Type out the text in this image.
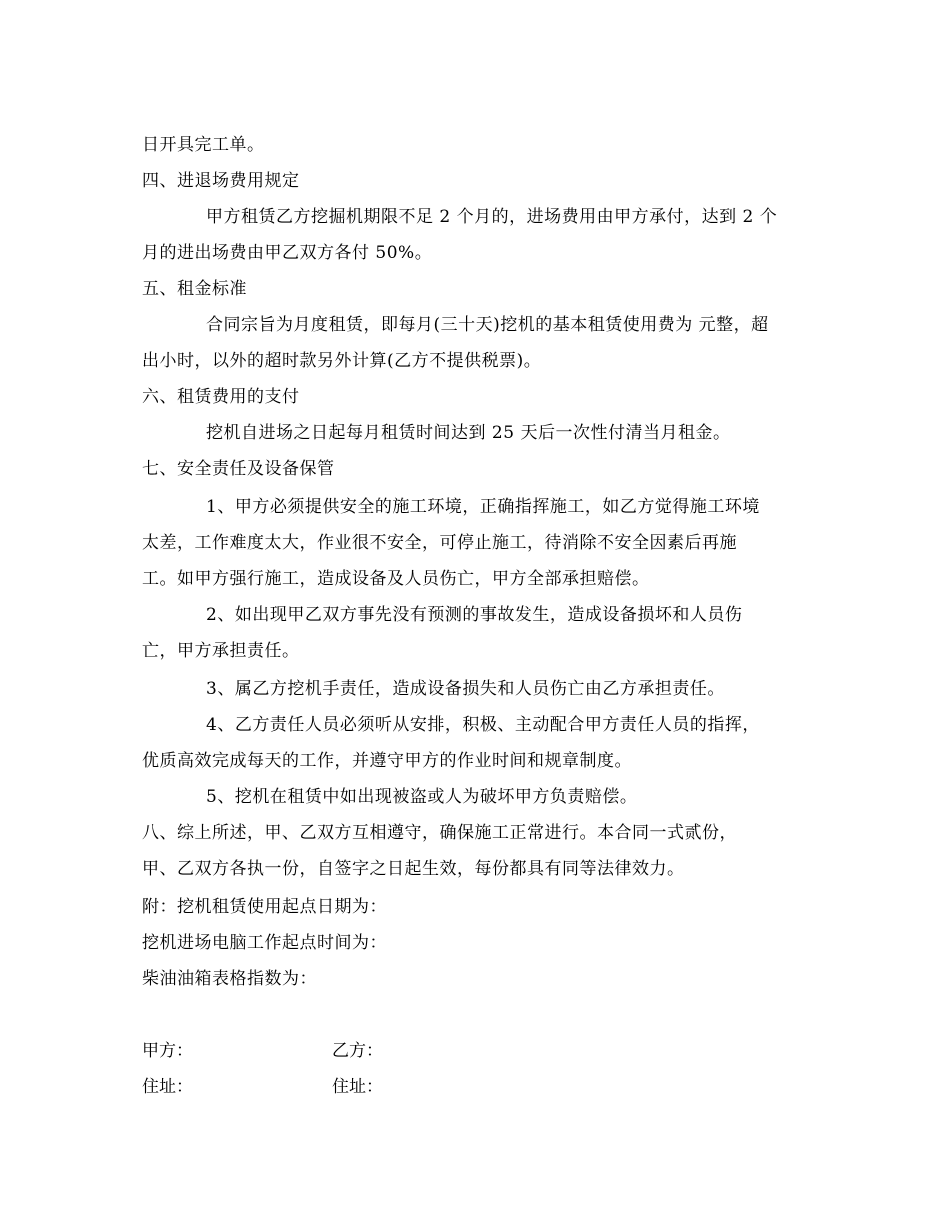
日开具完工单。
四、进退场费用规定
甲方租赁乙方挖掘机期限不足 2 个月的，进场费用由甲方承付，达到 2 个
月的进出场费由甲乙双方各付 50%。
五、租金标准
合同宗旨为月度租赁，即每月(三十天)挖机的基本租赁使用费为 元整，超
出小时，以外的超时款另外计算(乙方不提供税票)。
六、租赁费用的支付
挖机自进场之日起每月租赁时间达到 25 天后一次性付清当月租金。
七、安全责任及设备保管
1、甲方必须提供安全的施工环境，正确指挥施工，如乙方觉得施工环境
太差，工作难度太大，作业很不安全，可停止施工，待消除不安全因素后再施
工。如甲方强行施工，造成设备及人员伤亡，甲方全部承担赔偿。
2、如出现甲乙双方事先没有预测的事故发生，造成设备损坏和人员伤
亡，甲方承担责任。
3、属乙方挖机手责任，造成设备损失和人员伤亡由乙方承担责任。
4、乙方责任人员必须听从安排，积极、主动配合甲方责任人员的指挥，
优质高效完成每天的工作，并遵守甲方的作业时间和规章制度。
5、挖机在租赁中如出现被盗或人为破坏甲方负责赔偿。
八、综上所述，甲、乙双方互相遵守，确保施工正常进行。本合同一式贰份，
甲、乙双方各执一份，自签字之日起生效，每份都具有同等法律效力。
附：挖机租赁使用起点日期为：
挖机进场电脑工作起点时间为：
柴油油箱表格指数为：
甲方：	乙方：
住址：	住址：
